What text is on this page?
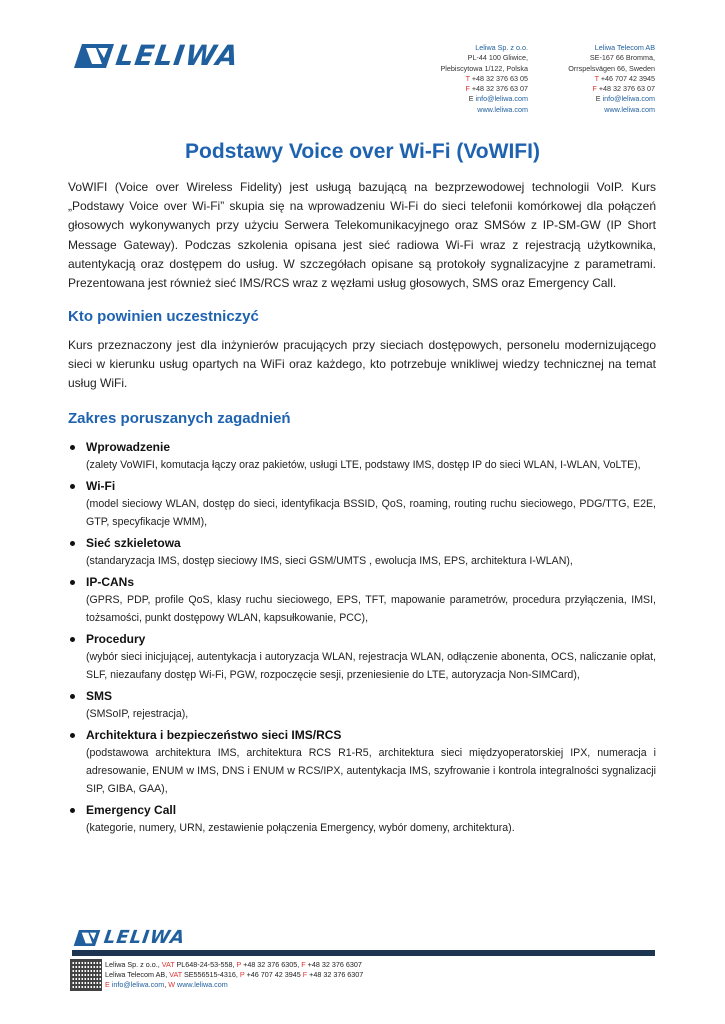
LELIWA	Leliwa Sp. z o.o.
PL-44 100 Gliwice,
Plebiscytowa 1/122, Polska
T +48 32 376 63 05
F +48 32 376 63 07
E info@leliwa.com
www.leliwa.com
Leliwa Telecom AB
SE-167 66 Bromma,
Orrspelsvägen 66, Sweden
T +46 707 42 3945
F +48 32 376 63 07
E info@leliwa.com
www.leliwa.com
Podstawy Voice over Wi-Fi (VoWIFI)
VoWIFI (Voice over Wireless Fidelity) jest usługą bazującą na bezprzewodowej technologii VoIP. Kurs „Podstawy Voice over Wi-Fi” skupia się na wprowadzeniu Wi-Fi do sieci telefonii komórkowej dla połączeń głosowych wykonywanych przy użyciu Serwera Telekomunikacyjnego oraz SMSów z IP-SM-GW (IP Short Message Gateway). Podczas szkolenia opisana jest sieć radiowa Wi-Fi wraz z rejestracją użytkownika, autentykacją oraz dostępem do usług. W szczegółach opisane są protokoły sygnalizacyjne z parametrami. Prezentowana jest również sieć IMS/RCS wraz z węzłami usług głosowych, SMS oraz Emergency Call.
Kto powinien uczestniczyć
Kurs przeznaczony jest dla inżynierów pracujących przy sieciach dostępowych, personelu modernizującego sieci w kierunku usług opartych na WiFi oraz każdego, kto potrzebuje wnikliwej wiedzy technicznej na temat usług WiFi.
Zakres poruszanych zagadnień
Wprowadzenie
(zalety VoWIFI, komutacja łączy oraz pakietów, usługi LTE, podstawy IMS, dostęp IP do sieci WLAN, I-WLAN, VoLTE),
Wi-Fi
(model sieciowy WLAN, dostęp do sieci, identyfikacja BSSID, QoS, roaming, routing ruchu sieciowego, PDG/TTG, E2E, GTP, specyfikacje WMM),
Sieć szkieletowa
(standaryzacja IMS, dostęp sieciowy IMS, sieci GSM/UMTS , ewolucja IMS, EPS, architektura I-WLAN),
IP-CANs
(GPRS, PDP, profile QoS, klasy ruchu sieciowego, EPS, TFT, mapowanie parametrów, procedura przyłączenia, IMSI, tożsamości, punkt dostępowy WLAN, kapsułkowanie, PCC),
Procedury
(wybór sieci inicjującej, autentykacja i autoryzacja WLAN, rejestracja WLAN, odłączenie abonenta, OCS, naliczanie opłat, SLF, niezaufany dostęp Wi-Fi, PGW, rozpoczęcie sesji, przeniesienie do LTE, autoryzacja Non-SIMCard),
SMS
(SMSoIP, rejestracja),
Architektura i bezpieczeństwo sieci IMS/RCS
(podstawowa architektura IMS, architektura RCS R1-R5, architektura sieci międzyoperatorskiej IPX, numeracja i adresowanie, ENUM w IMS, DNS i ENUM w RCS/IPX, autentykacja IMS, szyfrowanie i kontrola integralności sygnalizacji SIP, GIBA, GAA),
Emergency Call
(kategorie, numery, URN, zestawienie połączenia Emergency, wybór domeny, architektura).
LELIWA
Leliwa Sp. z o.o., VAT PL648-24-53-558, P +48 32 376 6305, F +48 32 376 6307
Leliwa Telecom AB, VAT SE556515-4316, P +46 707 42 3945 F +48 32 376 6307
E info@leliwa.com, W www.leliwa.com
